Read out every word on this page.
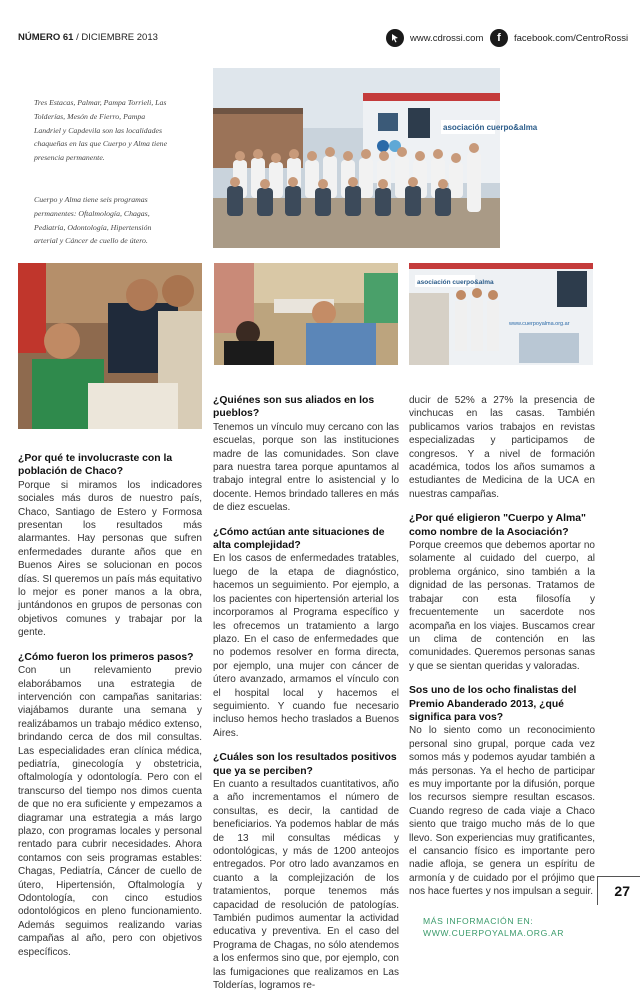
NÚMERO 61 / DICIEMBRE 2013	www.cdrossi.com	f	facebook.com/CentroRossi

Tres Estacas, Palmar, Pampa Torrieli, Las Tolderías, Mesón de Fierro, Pampa Landriel y Capdevila son las localidades chaqueñas en las que Cuerpo y Alma tiene presencia permanente.

Cuerpo y Alma tiene seis programas permanentes: Oftalmología, Chagas, Pediatría, Odontología, Hipertensión arterial y Cáncer de cuello de útero.

asociación cuerpo&alma
asociación cuerpo&alma
www.cuerpoyalma.org.ar
¿Por qué te involucraste con la población de Chaco?

Porque si miramos los indicadores sociales más duros de nuestro país, Chaco, Santiago de Estero y Formosa presentan los resultados más alarmantes. Hay personas que sufren enfermedades durante años que en Buenos Aires se solucionan en pocos días. SI queremos un país más equitativo lo mejor es poner manos a la obra, juntándonos en grupos de personas con objetivos comunes y trabajar por la gente.

¿Cómo fueron los primeros pasos?

Con un relevamiento previo elaborábamos una estrategia de intervención con campañas sanitarias: viajábamos durante una semana y realizábamos un trabajo médico extenso, brindando cerca de dos mil consultas. Las especialidades eran clínica médica, pediatría, ginecología y obstetricia, oftalmología y odontología. Pero con el transcurso del tiempo nos dimos cuenta de que no era suficiente y empezamos a diagramar una estrategia a más largo plazo, con programas locales y personal rentado para cubrir necesidades. Ahora contamos con seis programas estables: Chagas, Pediatría, Cáncer de cuello de útero, Hipertensión, Oftalmología y Odontología, con cinco estudios odontológicos en pleno funcionamiento. Además seguimos realizando varias campañas al año, pero con objetivos específicos.

¿Quiénes son sus aliados en los pueblos?

Tenemos un vínculo muy cercano con las escuelas, porque son las instituciones madre de las comunidades. Son clave para nuestra tarea porque apuntamos al trabajo integral entre lo asistencial y lo docente. Hemos brindado talleres en más de diez escuelas.

¿Cómo actúan ante situaciones de alta complejidad?

En los casos de enfermedades tratables, luego de la etapa de diagnóstico, hacemos un seguimiento. Por ejemplo, a los pacientes con hipertensión arterial los incorporamos al Programa específico y les ofrecemos un tratamiento a largo plazo. En el caso de enfermedades que no podemos resolver en forma directa, por ejemplo, una mujer con cáncer de útero avanzado, armamos el vínculo con el hospital local y hacemos el seguimiento. Y cuando fue necesario incluso hemos hecho traslados a Buenos Aires.

¿Cuáles son los resultados positivos que ya se perciben?

En cuanto a resultados cuantitativos, año a año incrementamos el número de consultas, es decir, la cantidad de beneficiarios. Ya podemos hablar de más de 13 mil consultas médicas y odontológicas, y más de 1200 anteojos entregados. Por otro lado avanzamos en cuanto a la complejización de los tratamientos, porque tenemos más capacidad de resolución de patologías. También pudimos aumentar la actividad educativa y preventiva. En el caso del Programa de Chagas, no sólo atendemos a los enfermos sino que, por ejemplo, con las fumigaciones que realizamos en Las Tolderías, logramos re-

ducir de 52% a 27% la presencia de vinchucas en las casas. También publicamos varios trabajos en revistas especializadas y participamos de congresos. Y a nivel de formación académica, todos los años sumamos a estudiantes de Medicina de la UCA en nuestras campañas.

¿Por qué eligieron "Cuerpo y Alma" como nombre de la Asociación?

Porque creemos que debemos aportar no solamente al cuidado del cuerpo, al problema orgánico, sino también a la dignidad de las personas. Tratamos de trabajar con esta filosofía y frecuentemente un sacerdote nos acompaña en los viajes. Buscamos crear un clima de contención en las comunidades. Queremos personas sanas y que se sientan queridas y valoradas.

Sos uno de los ocho finalistas del Premio Abanderado 2013, ¿qué significa para vos?

No lo siento como un reconocimiento personal sino grupal, porque cada vez somos más y podemos ayudar también a más personas. Ya el hecho de participar es muy importante por la difusión, porque los recursos siempre resultan escasos. Cuando regreso de cada viaje a Chaco siento que traigo mucho más de lo que llevo. Son experiencias muy gratificantes, el cansancio físico es importante pero nadie afloja, se genera un espíritu de armonía y de cuidado por el prójimo que nos hace fuertes y nos impulsan a seguir.

MÁS INFORMACIÓN EN:
WWW.CUERPOYALMA.ORG.AR
27
